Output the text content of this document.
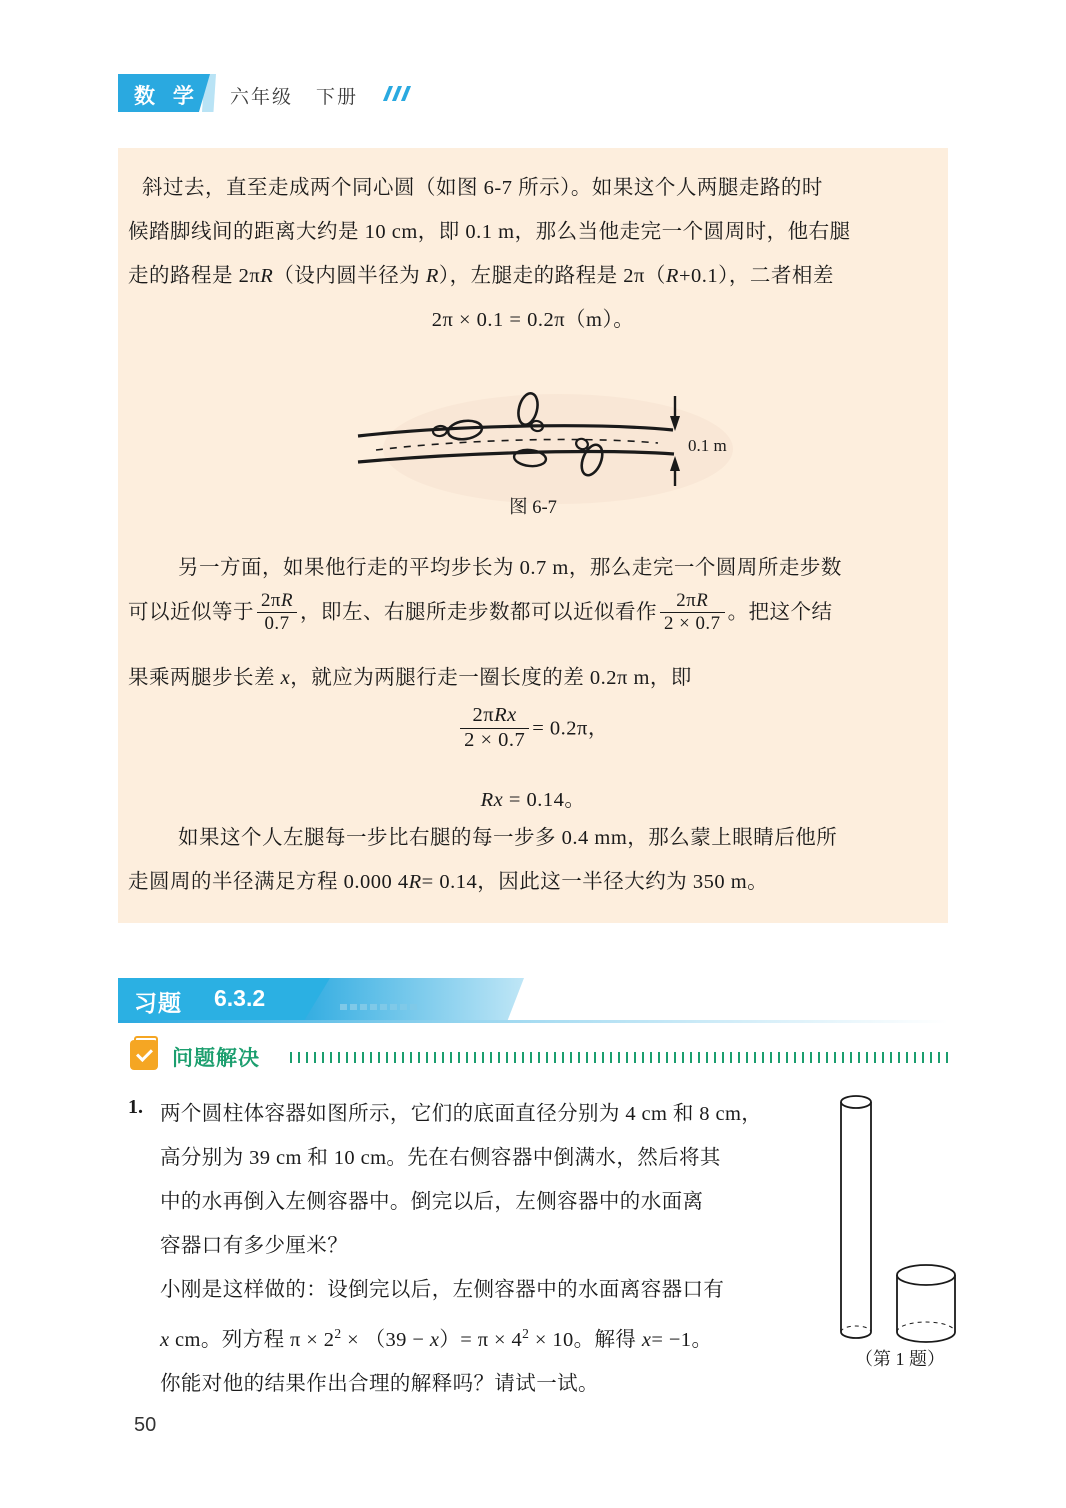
数 学 六年级 下册
斜过去，直至走成两个同心圆（如图 6-7 所示）。如果这个人两腿走路的时
候踏脚线间的距离大约是 10 cm，即 0.1 m，那么当他走完一个圆周时，他右腿
走的路程是 2πR（设内圆半径为 R），左腿走的路程是 2π（R+0.1），二者相差
2π × 0.1 = 0.2π（m）。
0.1 m
图 6-7
另一方面，如果他行走的平均步长为 0.7 m，那么走完一个圆周所走步数
可以近似等于 $\frac{2\pi R}{0.7}$ ，即左、右腿所走步数都可以近似看作 $\frac{2\pi R}{2 \times 0.7}$ 。把这个结
果乘两腿步长差 x，就应为两腿行走一圈长度的差 0.2π m，即
$\frac{\text{2πRx}}{2 \times 0.7} = 0.2\pi$，
Rx = 0.14。
如果这个人左腿每一步比右腿的每一步多 0.4 mm，那么蒙上眼睛后他所
走圆周的半径满足方程 0.000 4R= 0.14，因此这一半径大约为 350 m。
习题 6.3.2
问题解决
1. 两个圆柱体容器如图所示，它们的底面直径分别为 4 cm 和 8 cm，
高分别为 39 cm 和 10 cm。先在右侧容器中倒满水，然后将其
中的水再倒入左侧容器中。倒完以后，左侧容器中的水面离
容器口有多少厘米？
小刚是这样做的：设倒完以后，左侧容器中的水面离容器口有
x cm。列方程 $\pi \times 2^2 \times (39 - x)= \pi \times 4^2 \times 10$。解得 x= −1。
你能对他的结果作出合理的解释吗？请试一试。
（第 1 题）
50
